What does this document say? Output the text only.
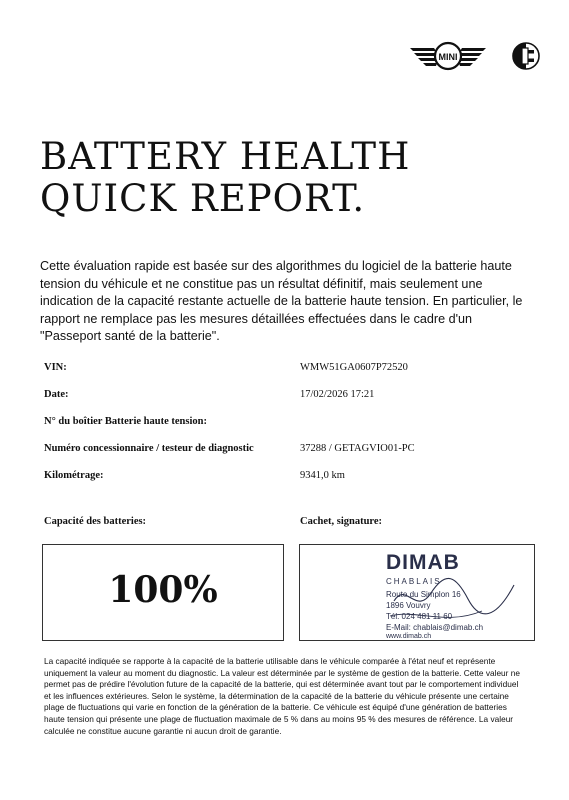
MINI
BATTERY HEALTH
QUICK REPORT.
Cette évaluation rapide est basée sur des algorithmes du logiciel de la batterie haute tension du véhicule et ne constitue pas un résultat définitif, mais seulement une indication de la capacité restante actuelle de la batterie haute tension. En particulier, le rapport ne remplace pas les mesures détaillées effectuées dans le cadre d'un "Passeport santé de la batterie".
VIN:	WMW51GA0607P72520
Date:	17/02/2026 17:21
N° du boîtier Batterie haute tension:
Numéro concessionnaire / testeur de diagnostic	37288 / GETAGVIO01-PC
Kilométrage:	9341,0 km
Capacité des batteries:	Cachet, signature:
100%
DIMAB
CHABLAIS
Route du Simplon 16
1896 Vouvry
Tél. 024 481 11 60
E-Mail: chablais@dimab.ch
www.dimab.ch
La capacité indiquée se rapporte à la capacité de la batterie utilisable dans le véhicule comparée à l'état neuf et représente uniquement la valeur au moment du diagnostic. La valeur est déterminée par le système de gestion de la batterie. Cette valeur ne permet pas de prédire l'évolution future de la capacité de la batterie, qui est déterminée avant tout par le comportement individuel et les influences extérieures. Selon le système, la détermination de la capacité de la batterie du véhicule présente une certaine plage de fluctuations qui varie en fonction de la génération de la batterie. Ce véhicule est équipé d'une génération de batteries haute tension qui présente une plage de fluctuation maximale de 5 % dans au moins 95 % des mesures de référence. La valeur calculée ne constitue aucune garantie ni aucun droit de garantie.
